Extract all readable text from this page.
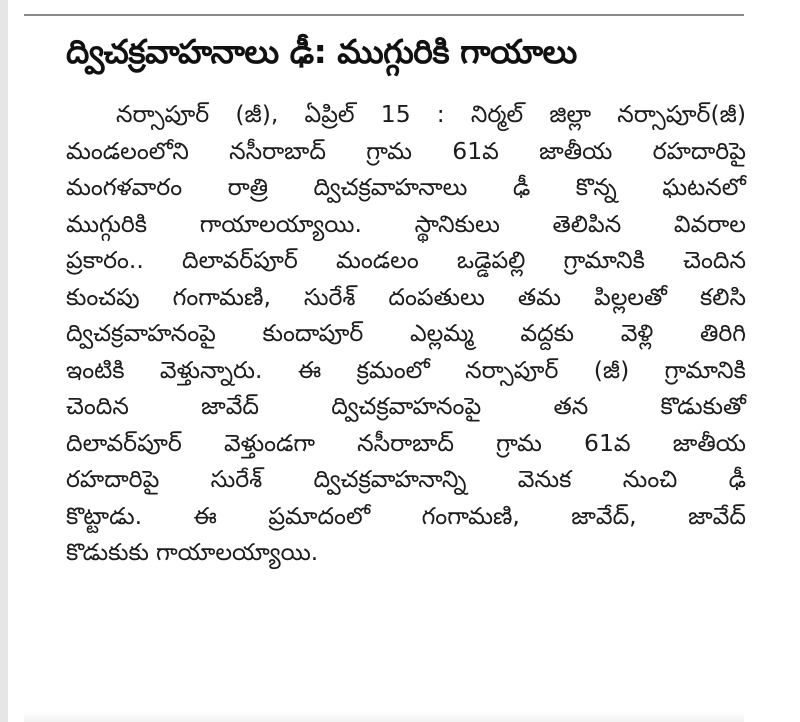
ద్విచక్రవాహనాలు ఢీ: ముగ్గురికి గాయాలు
నర్సాపూర్ (జీ), ఏప్రిల్ 15 : నిర్మల్ జిల్లా నర్సాపూర్(జీ)
మండలంలోని నసీరాబాద్ గ్రామ 61వ జాతీయ రహదారిపై
మంగళవారం రాత్రి ద్విచక్రవాహనాలు ఢీ కొన్న ఘటనలో
ముగ్గురికి గాయాలయ్యాయి. స్థానికులు తెలిపిన వివరాల
ప్రకారం.. దిలావర్‌పూర్ మండలం ఒడ్డెపల్లి గ్రామానికి చెందిన
కుంచపు గంగామణి, సురేశ్ దంపతులు తమ పిల్లలతో కలిసి
ద్విచక్రవాహనంపై కుందాపూర్ ఎల్లమ్మ వద్దకు వెళ్లి తిరిగి
ఇంటికి వెళ్తున్నారు. ఈ క్రమంలో నర్సాపూర్ (జీ) గ్రామానికి
చెందిన	జావేద్	ద్విచక్రవాహనంపై	తన	కొడుకుతో
దిలావర్‌పూర్ వెళ్తుండగా నసీరాబాద్ గ్రామ 61వ జాతీయ
రహదారిపై సురేశ్ ద్విచక్రవాహనాన్ని వెనుక నుంచి ఢీ
కొట్టాడు. ఈ ప్రమాదంలో గంగామణి, జావేద్, జావేద్
కొడుకుకు గాయాలయ్యాయి.
